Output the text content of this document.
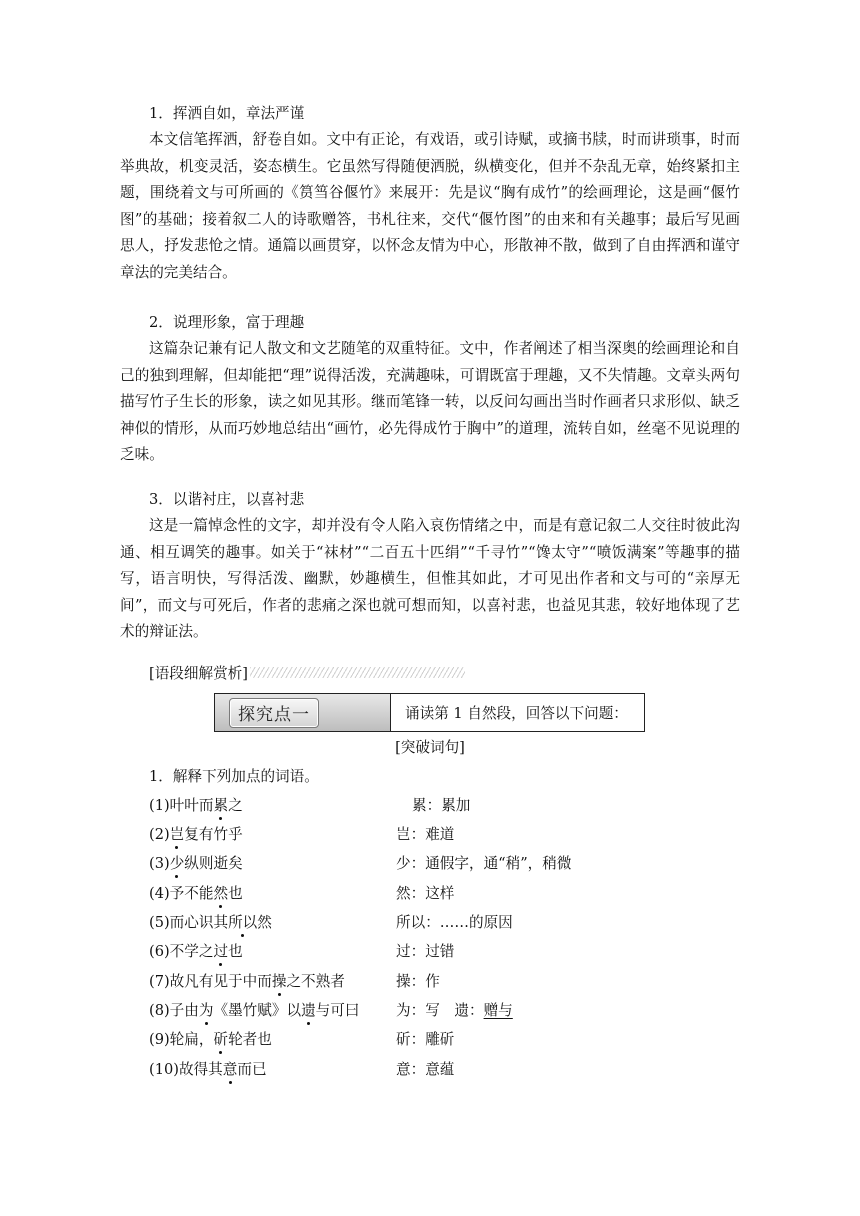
1．挥洒自如，章法严谨
本文信笔挥洒，舒卷自如。文中有正论，有戏语，或引诗赋，或摘书牍，时而讲琐事，时而举典故，机变灵活，姿态横生。它虽然写得随便洒脱，纵横变化，但并不杂乱无章，始终紧扣主题，围绕着文与可所画的《筼筜谷偃竹》来展开：先是议“胸有成竹”的绘画理论，这是画“偃竹图”的基础；接着叙二人的诗歌赠答，书札往来，交代“偃竹图”的由来和有关趣事；最后写见画思人，抒发悲怆之情。通篇以画贯穿，以怀念友情为中心，形散神不散，做到了自由挥洒和谨守章法的完美结合。
2．说理形象，富于理趣
这篇杂记兼有记人散文和文艺随笔的双重特征。文中，作者阐述了相当深奥的绘画理论和自己的独到理解，但却能把“理”说得活泼，充满趣味，可谓既富于理趣，又不失情趣。文章头两句描写竹子生长的形象，读之如见其形。继而笔锋一转，以反问勾画出当时作画者只求形似、缺乏神似的情形，从而巧妙地总结出“画竹，必先得成竹于胸中”的道理，流转自如，丝毫不见说理的乏味。
3．以谐衬庄，以喜衬悲
这是一篇悼念性的文字，却并没有令人陷入哀伤情绪之中，而是有意记叙二人交往时彼此沟通、相互调笑的趣事。如关于“袜材”“二百五十匹绢”“千寻竹”“馋太守”“喷饭满案”等趣事的描写，语言明快，写得活泼、幽默，妙趣横生，但惟其如此，才可见出作者和文与可的“亲厚无间”，而文与可死后，作者的悲痛之深也就可想而知，以喜衬悲，也益见其悲，较好地体现了艺术的辩证法。
[语段细解赏析]
探究点一	诵读第 1 自然段，回答以下问题：
[突破词句]
1．解释下列加点的词语。
(1)叶叶而累之	累：累加
(2)岂复有竹乎	岂：难道
(3)少纵则逝矣	少：通假字，通“稍”，稍微
(4)予不能然也	然：这样
(5)而心识其所以然	所以：……的原因
(6)不学之过也	过：过错
(7)故凡有见于中而操之不熟者	操：作
(8)子由为《墨竹赋》以遗与可曰	为：写　遗：赠与
(9)轮扁，斫轮者也	斫：雕斫
(10)故得其意而已	意：意蕴
